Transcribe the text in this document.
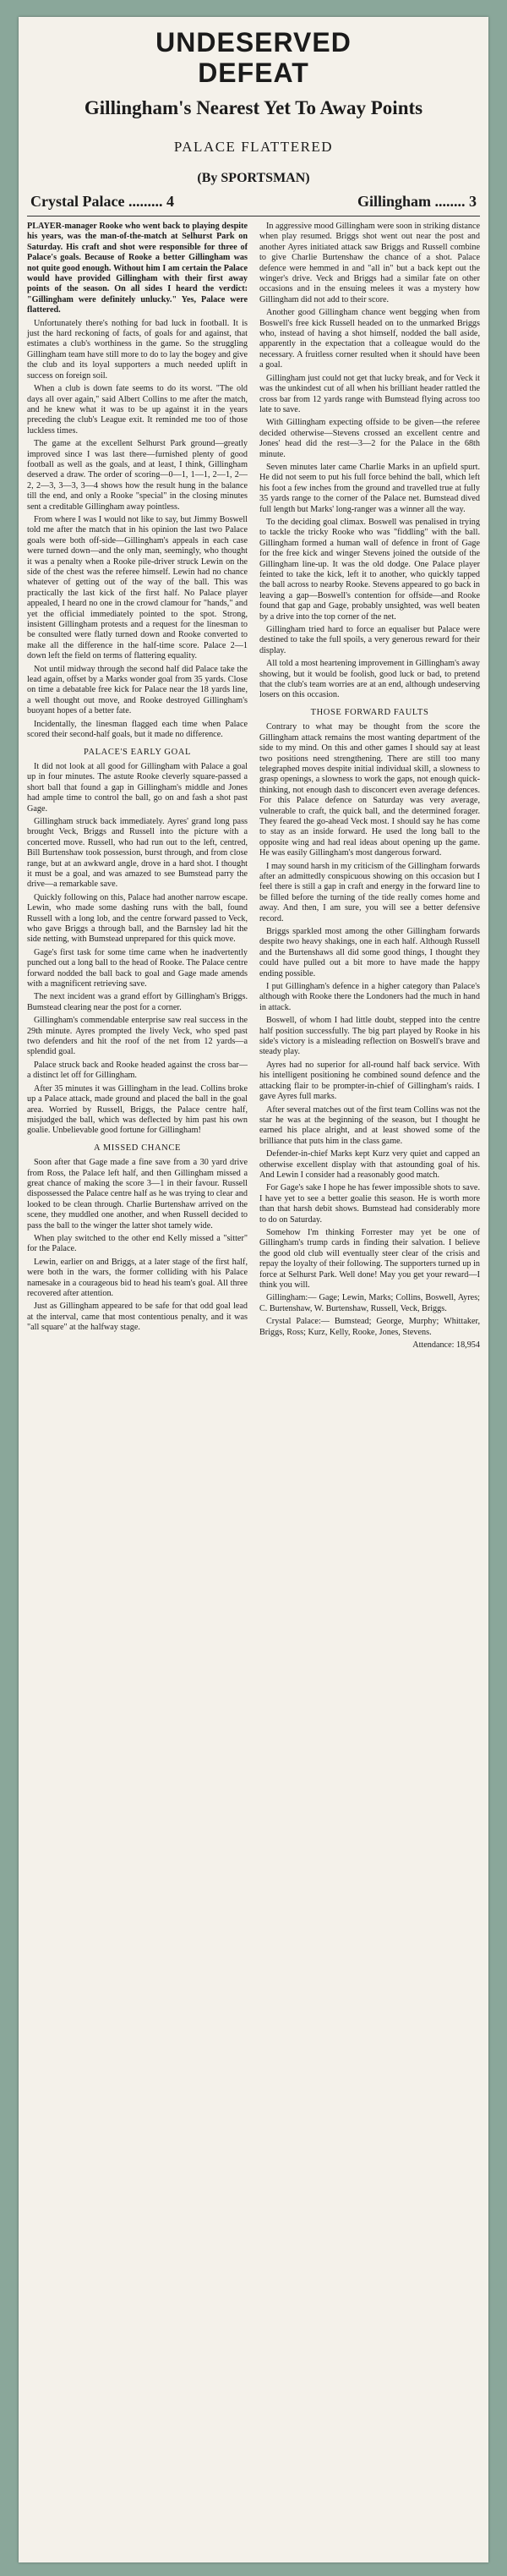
UNDESERVED
DEFEAT
Gillingham's Nearest Yet To Away Points
PALACE FLATTERED
(By SPORTSMAN)
Crystal Palace ......... 4	Gillingham ........ 3

PLAYER-manager Rooke who went back to playing despite his years, was the man-of-the-match at Selhurst Park on Saturday. His craft and shot were responsible for three of Palace's goals. Because of Rooke a better Gillingham was not quite good enough. Without him I am certain the Palace would have provided Gillingham with their first away points of the season. On all sides I heard the verdict: "Gillingham were definitely unlucky." Yes, Palace were flattered.

Unfortunately there's nothing for bad luck in football. It is just the hard reckoning of facts, of goals for and against, that estimates a club's worthiness in the game. So the struggling Gillingham team have still more to do to lay the bogey and give the club and its loyal supporters a much needed uplift in success on foreign soil.

When a club is down fate seems to do its worst. "The old days all over again," said Albert Collins to me after the match, and he knew what it was to be up against it in the years preceding the club's League exit. It reminded me too of those luckless times.

The game at the excellent Selhurst Park ground—greatly improved since I was last there—furnished plenty of good football as well as the goals, and at least, I think, Gillingham deserved a draw. The order of scoring—0—1, 1—1, 2—1, 2—2, 2—3, 3—3, 3—4 shows how the result hung in the balance till the end, and only a Rooke "special" in the closing minutes sent a creditable Gillingham away pointless.

From where I was I would not like to say, but Jimmy Boswell told me after the match that in his opinion the last two Palace goals were both off-side—Gillingham's appeals in each case were turned down—and the only man, seemingly, who thought it was a penalty when a Rooke pile-driver struck Lewin on the side of the chest was the referee himself. Lewin had no chance whatever of getting out of the way of the ball. This was practically the last kick of the first half. No Palace player appealed, I heard no one in the crowd clamour for "hands," and yet the official immediately pointed to the spot. Strong, insistent Gillingham protests and a request for the linesman to be consulted were flatly turned down and Rooke converted to make all the difference in the half-time score. Palace 2—1 down left the field on terms of flattering equality.

Not until midway through the second half did Palace take the lead again, offset by a Marks wonder goal from 35 yards. Close on time a debatable free kick for Palace near the 18 yards line, a well thought out move, and Rooke destroyed Gillingham's buoyant hopes of a better fate.

Incidentally, the linesman flagged each time when Palace scored their second-half goals, but it made no difference.

PALACE'S EARLY GOAL

It did not look at all good for Gillingham with Palace a goal up in four minutes. The astute Rooke cleverly square-passed a short ball that found a gap in Gillingham's middle and Jones had ample time to control the ball, go on and fash a shot past Gage.

Gillingham struck back immediately. Ayres' grand long pass brought Veck, Briggs and Russell into the picture with a concerted move. Russell, who had run out to the left, centred, Bill Burtenshaw took possession, burst through, and from close range, but at an awkward angle, drove in a hard shot. I thought it must be a goal, and was amazed to see Bumstead parry the drive—a remarkable save.

Quickly following on this, Palace had another narrow escape. Lewin, who made some dashing runs with the ball, found Russell with a long lob, and the centre forward passed to Veck, who gave Briggs a through ball, and the Barnsley lad hit the side netting, with Bumstead unprepared for this quick move.

Gage's first task for some time came when he inadvertently punched out a long ball to the head of Rooke. The Palace centre forward nodded the ball back to goal and Gage made amends with a magnificent retrieving save.

The next incident was a grand effort by Gillingham's Briggs. Bumstead clearing near the post for a corner.

Gillingham's commendable enterprise saw real success in the 29th minute. Ayres prompted the lively Veck, who sped past two defenders and hit the roof of the net from 12 yards—a splendid goal.

Palace struck back and Rooke headed against the cross bar—a distinct let off for Gillingham.

After 35 minutes it was Gillingham in the lead. Collins broke up a Palace attack, made ground and placed the ball in the goal area. Worried by Russell, Briggs, the Palace centre half, misjudged the ball, which was deflected by him past his own goalie. Unbelievable good fortune for Gillingham!

A MISSED CHANCE

Soon after that Gage made a fine save from a 30 yard drive from Ross, the Palace left half, and then Gillingham missed a great chance of making the score 3—1 in their favour. Russell dispossessed the Palace centre half as he was trying to clear and looked to be clean through. Charlie Burtenshaw arrived on the scene, they muddled one another, and when Russell decided to pass the ball to the winger the latter shot tamely wide.

When play switched to the other end Kelly missed a "sitter" for the Palace.

Lewin, earlier on and Briggs, at a later stage of the first half, were both in the wars, the former colliding with his Palace namesake in a courageous bid to head his team's goal. All three recovered after attention.

Just as Gillingham appeared to be safe for that odd goal lead at the interval, came that most contentious penalty, and it was "all square" at the halfway stage.

In aggressive mood Gillingham were soon in striking distance when play resumed. Briggs shot went out near the post and another Ayres initiated attack saw Briggs and Russell combine to give Charlie Burtenshaw the chance of a shot. Palace defence were hemmed in and "all in" but a back kept out the winger's drive. Veck and Briggs had a similar fate on other occasions and in the ensuing melees it was a mystery how Gillingham did not add to their score.

Another good Gillingham chance went begging when from Boswell's free kick Russell headed on to the unmarked Briggs who, instead of having a shot himself, nodded the ball aside, apparently in the expectation that a colleague would do the necessary. A fruitless corner resulted when it should have been a goal.

Gillingham just could not get that lucky break, and for Veck it was the unkindest cut of all when his brilliant header rattled the cross bar from 12 yards range with Bumstead flying across too late to save.

With Gillingham expecting offside to be given—the referee decided otherwise—Stevens crossed an excellent centre and Jones' head did the rest—3—2 for the Palace in the 68th minute.

Seven minutes later came Charlie Marks in an upfield spurt. He did not seem to put his full force behind the ball, which left his foot a few inches from the ground and travelled true at fully 35 yards range to the corner of the Palace net. Bumstead dived full length but Marks' long-ranger was a winner all the way.

To the deciding goal climax. Boswell was penalised in trying to tackle the tricky Rooke who was "fiddling" with the ball. Gillingham formed a human wall of defence in front of Gage for the free kick and winger Stevens joined the outside of the Gillingham line-up. It was the old dodge. One Palace player feinted to take the kick, left it to another, who quickly tapped the ball across to nearby Rooke. Stevens appeared to go back in leaving a gap—Boswell's contention for offside—and Rooke found that gap and Gage, probably unsighted, was well beaten by a drive into the top corner of the net.

Gillingham tried hard to force an equaliser but Palace were destined to take the full spoils, a very generous reward for their display.

All told a most heartening improvement in Gillingham's away showing, but it would be foolish, good luck or bad, to pretend that the club's team worries are at an end, although undeserving losers on this occasion.

THOSE FORWARD FAULTS

Contrary to what may be thought from the score the Gillingham attack remains the most wanting department of the side to my mind. On this and other games I should say at least two positions need strengthening. There are still too many telegraphed moves despite initial individual skill, a slowness to grasp openings, a slowness to work the gaps, not enough quick-thinking, not enough dash to disconcert even average defences. For this Palace defence on Saturday was very average, vulnerable to craft, the quick ball, and the determined forager. They feared the go-ahead Veck most. I should say he has come to stay as an inside forward. He used the long ball to the opposite wing and had real ideas about opening up the game. He was easily Gillingham's most dangerous forward.

I may sound harsh in my criticism of the Gillingham forwards after an admittedly conspicuous showing on this occasion but I feel there is still a gap in craft and energy in the forward line to be filled before the turning of the tide really comes home and away. And then, I am sure, you will see a better defensive record.

Briggs sparkled most among the other Gillingham forwards despite two heavy shakings, one in each half. Although Russell and the Burtenshaws all did some good things, I thought they could have pulled out a bit more to have made the happy ending possible.

I put Gillingham's defence in a higher category than Palace's although with Rooke there the Londoners had the much in hand in attack.

Boswell, of whom I had little doubt, stepped into the centre half position successfully. The big part played by Rooke in his side's victory is a misleading reflection on Boswell's brave and steady play.

Ayres had no superior for all-round half back service. With his intelligent positioning he combined sound defence and the attacking flair to be prompter-in-chief of Gillingham's raids. I gave Ayres full marks.

After several matches out of the first team Collins was not the star he was at the beginning of the season, but I thought he earned his place alright, and at least showed some of the brilliance that puts him in the class game.

Defender-in-chief Marks kept Kurz very quiet and capped an otherwise excellent display with that astounding goal of his. And Lewin I consider had a reasonably good match.

For Gage's sake I hope he has fewer impossible shots to save. I have yet to see a better goalie this season. He is worth more than that harsh debit shows. Bumstead had considerably more to do on Saturday.

Somehow I'm thinking Forrester may yet be one of Gillingham's trump cards in finding their salvation. I believe the good old club will eventually steer clear of the crisis and repay the loyalty of their following. The supporters turned up in force at Selhurst Park. Well done! May you get your reward—I think you will.

Gillingham:— Gage; Lewin, Marks; Collins, Boswell, Ayres; C. Burtenshaw, W. Burtenshaw, Russell, Veck, Briggs.

Crystal Palace:— Bumstead; George, Murphy; Whittaker, Briggs, Ross; Kurz, Kelly, Rooke, Jones, Stevens.

Attendance: 18,954
